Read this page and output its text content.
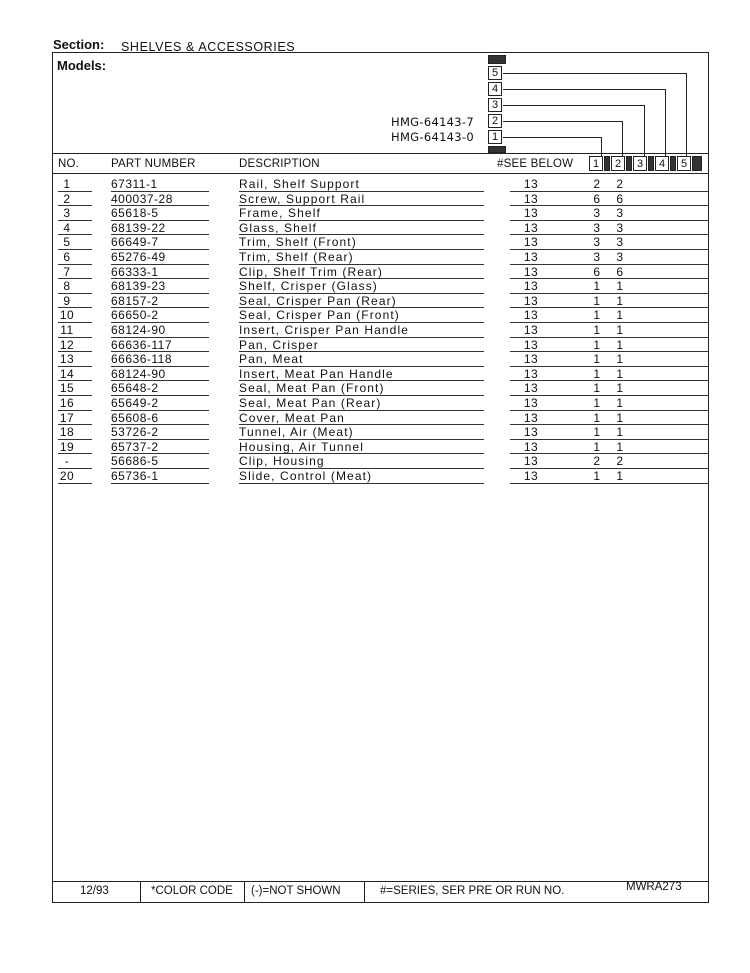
Section: SHELVES & ACCESSORIES
Models:	5
4
3
2
1
HMG-64143-7
HMG-64143-0
NO.	PART NUMBER	DESCRIPTION	#SEE BELOW	1	2	3	4	5
1	67311-1	Rail, Shelf Support	13	2 2
2	400037-28	Screw, Support Rail	13	6 6
3	65618-5	Frame, Shelf	13	3 3
4	68139-22	Glass, Shelf	13	3 3
5	66649-7	Trim, Shelf (Front)	13	3 3
6	65276-49	Trim, Shelf (Rear)	13	3 3
7	66333-1	Clip, Shelf Trim (Rear)	13	6 6
8	68139-23	Shelf, Crisper (Glass)	13	1 1
9	68157-2	Seal, Crisper Pan (Rear)	13	1 1
10	66650-2	Seal, Crisper Pan (Front)	13	1 1
11	68124-90	Insert, Crisper Pan Handle	13	1 1
12	66636-117	Pan, Crisper	13	1 1
13	66636-118	Pan, Meat	13	1 1
14	68124-90	Insert, Meat Pan Handle	13	1 1
15	65648-2	Seal, Meat Pan (Front)	13	1 1
16	65649-2	Seal, Meat Pan (Rear)	13	1 1
17	65608-6	Cover, Meat Pan	13	1 1
18	53726-2	Tunnel, Air (Meat)	13	1 1
19	65737-2	Housing, Air Tunnel	13	1 1
-	56686-5	Clip, Housing	13	2 2
20	65736-1	Slide, Control (Meat)	13	1 1
12/93	*COLOR CODE (-)=NOT SHOWN	#=SERIES, SER PRE OR RUN NO.	MWRA273
